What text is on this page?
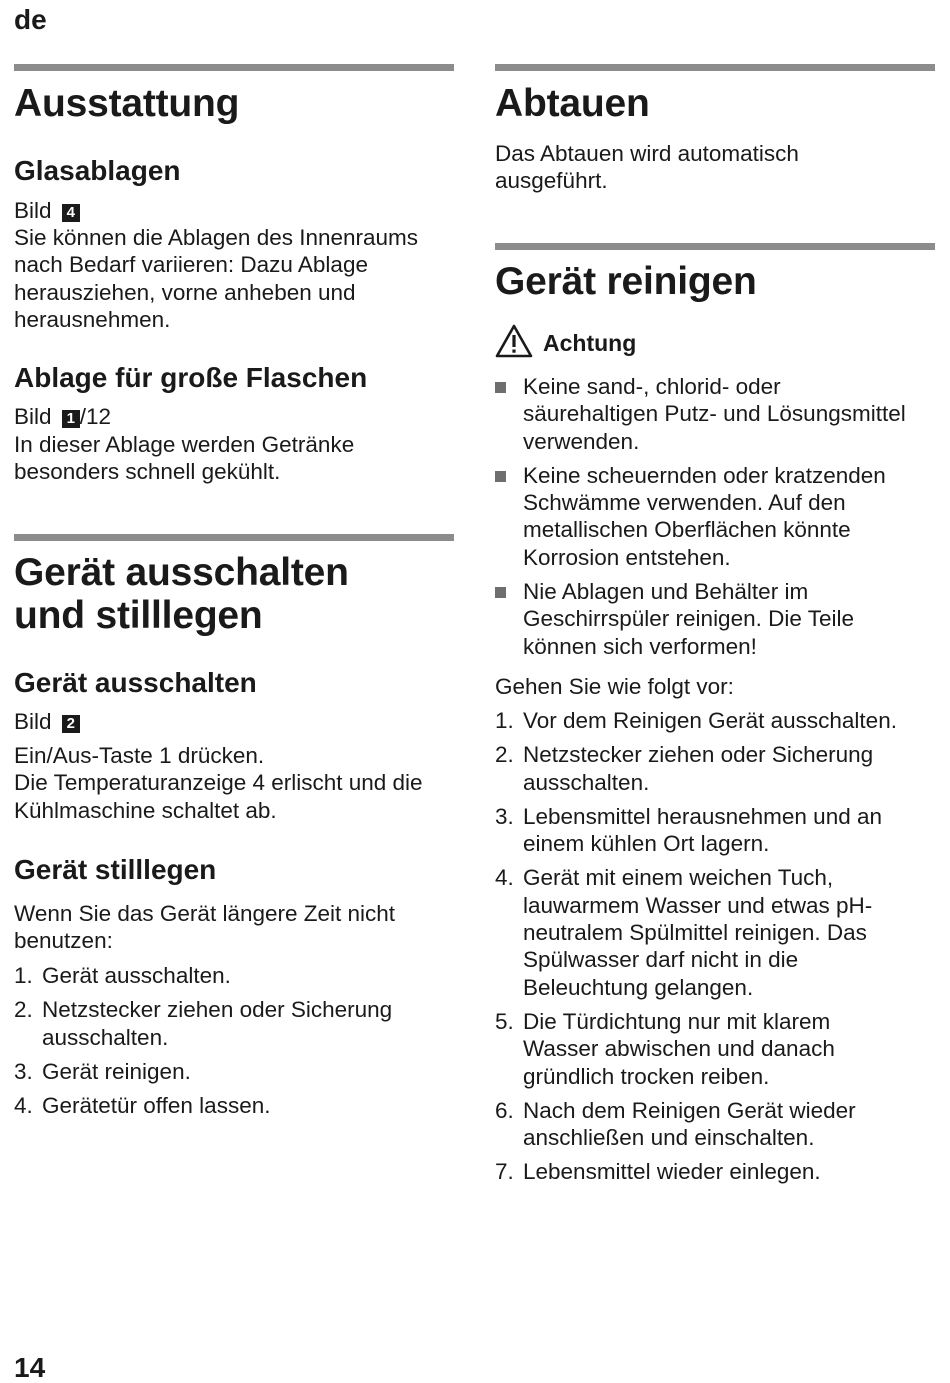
de
Ausstattung
Glasablagen
Bild 4
Sie können die Ablagen des Innenraums
nach Bedarf variieren: Dazu Ablage
herausziehen, vorne anheben und
herausnehmen.
Ablage für große Flaschen
Bild 1 /12
In dieser Ablage werden Getränke
besonders schnell gekühlt.
Gerät ausschalten
und stilllegen
Gerät ausschalten
Bild 2
Ein/Aus-Taste 1 drücken.
Die Temperaturanzeige 4 erlischt und die
Kühlmaschine schaltet ab.
Gerät stilllegen
Wenn Sie das Gerät längere Zeit nicht
benutzen:
1. Gerät ausschalten.
2. Netzstecker ziehen oder Sicherung
ausschalten.
3. Gerät reinigen.
4. Gerätetür offen lassen.
Abtauen
Das Abtauen wird automatisch
ausgeführt.
Gerät reinigen
Achtung
Keine sand-, chlorid- oder
säurehaltigen Putz- und Lösungsmittel
verwenden.
Keine scheuernden oder kratzenden
Schwämme verwenden. Auf den
metallischen Oberflächen könnte
Korrosion entstehen.
Nie Ablagen und Behälter im
Geschirrspüler reinigen. Die Teile
können sich verformen!
Gehen Sie wie folgt vor:
1. Vor dem Reinigen Gerät ausschalten.
2. Netzstecker ziehen oder Sicherung
ausschalten.
3. Lebensmittel herausnehmen und an
einem kühlen Ort lagern.
4. Gerät mit einem weichen Tuch,
lauwarmem Wasser und etwas pH-
neutralem Spülmittel reinigen. Das
Spülwasser darf nicht in die
Beleuchtung gelangen.
5. Die Türdichtung nur mit klarem
Wasser abwischen und danach
gründlich trocken reiben.
6. Nach dem Reinigen Gerät wieder
anschließen und einschalten.
7. Lebensmittel wieder einlegen.
14
